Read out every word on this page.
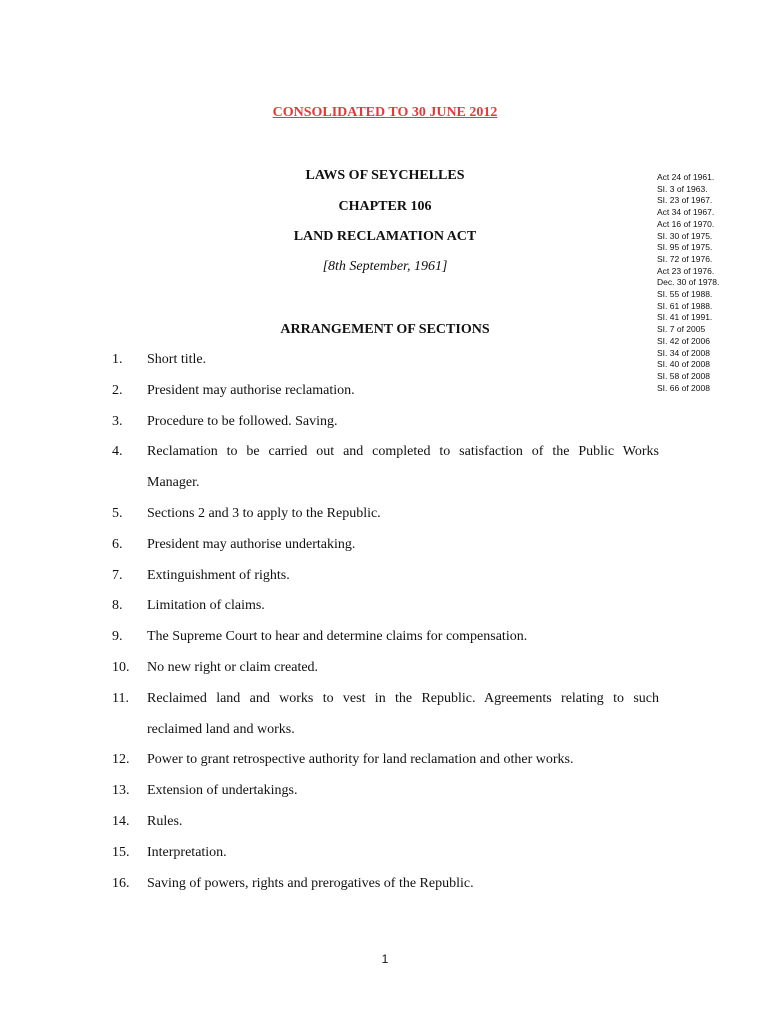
CONSOLIDATED TO 30 JUNE 2012
LAWS OF SEYCHELLES
CHAPTER 106
LAND RECLAMATION ACT
[8th September, 1961]
Act 24 of 1961.
SI. 3 of 1963.
SI. 23 of 1967.
Act 34 of 1967.
Act 16 of 1970.
SI. 30 of 1975.
SI. 95 of 1975.
SI. 72 of 1976.
Act 23 of 1976.
Dec. 30 of 1978.
SI. 55 of 1988.
SI. 61 of 1988.
SI. 41 of 1991.
SI. 7 of 2005
SI. 42 of 2006
SI. 34 of 2008
SI. 40 of 2008
SI. 58 of 2008
SI. 66 of 2008
ARRANGEMENT OF SECTIONS
1. Short title.
2. President may authorise reclamation.
3. Procedure to be followed. Saving.
4. Reclamation to be carried out and completed to satisfaction of the Public Works
Manager.
5. Sections 2 and 3 to apply to the Republic.
6. President may authorise undertaking.
7. Extinguishment of rights.
8. Limitation of claims.
9. The Supreme Court to hear and determine claims for compensation.
10. No new right or claim created.
11. Reclaimed land and works to vest in the Republic. Agreements relating to such
reclaimed land and works.
12. Power to grant retrospective authority for land reclamation and other works.
13. Extension of undertakings.
14. Rules.
15. Interpretation.
16. Saving of powers, rights and prerogatives of the Republic.
1
